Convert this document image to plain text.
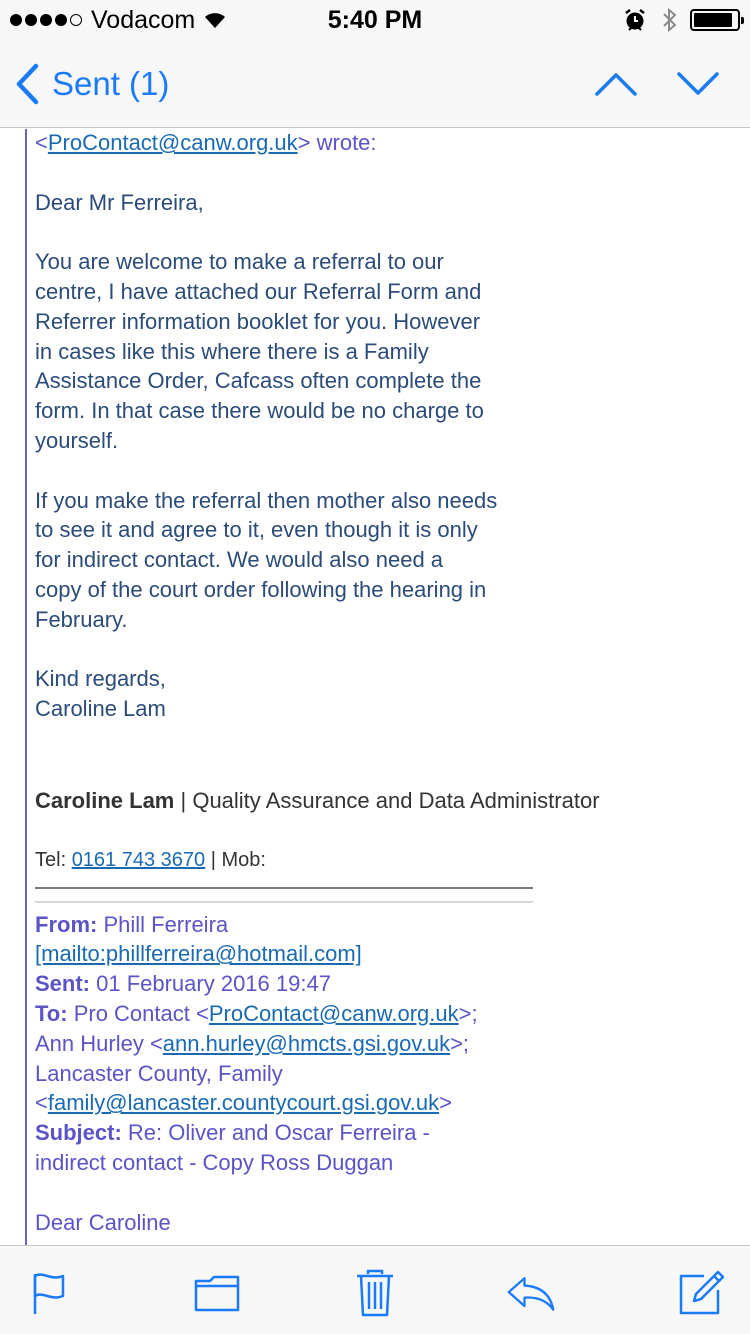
Vodacom	5:40 PM
Sent (1)
<ProContact@canw.org.uk> wrote:
Dear Mr Ferreira,
You are welcome to make a referral to our
centre, I have attached our Referral Form and
Referrer information booklet for you. However
in cases like this where there is a Family
Assistance Order, Cafcass often complete the
form. In that case there would be no charge to
yourself.
If you make the referral then mother also needs
to see it and agree to it, even though it is only
for indirect contact. We would also need a
copy of the court order following the hearing in
February.
Kind regards,
Caroline Lam
Caroline Lam | Quality Assurance and Data Administrator
Tel: 0161 743 3670 | Mob:
From: Phill Ferreira
[mailto:phillferreira@hotmail.com]
Sent: 01 February 2016 19:47
To: Pro Contact <ProContact@canw.org.uk>;
Ann Hurley <ann.hurley@hmcts.gsi.gov.uk>;
Lancaster County, Family
<family@lancaster.countycourt.gsi.gov.uk>
Subject: Re: Oliver and Oscar Ferreira -
indirect contact - Copy Ross Duggan
Dear Caroline
